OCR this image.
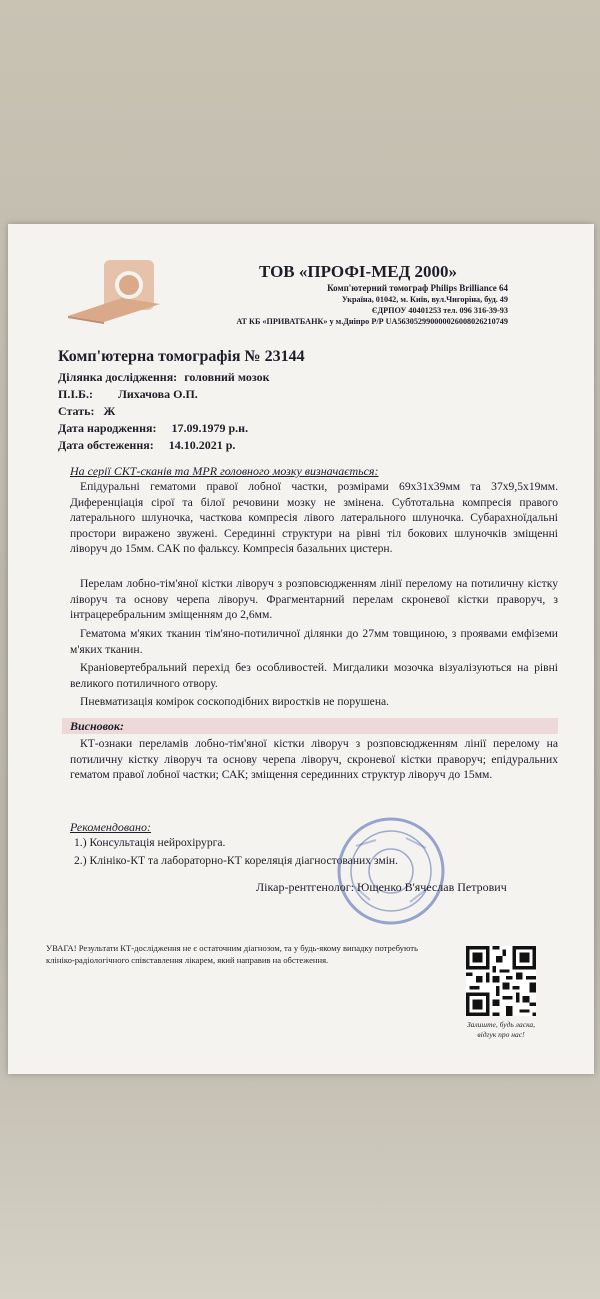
ТОВ «ПРОФІ-МЕД 2000»
Комп'ютерний томограф Philips Brilliance 64
Україна, 01042, м. Київ, вул.Чигоріна, буд. 49
ЄДРПОУ 40401253 тел. 096 316-39-93
АТ КБ «ПРИВАТБАНК» у м.Дніпро Р/Р UA563052990000026008026210749
Комп'ютерна томографія № 23144
Ділянка дослідження: головний мозок
П.І.Б.: Лихачова О.П.
Стать: Ж
Дата народження: 17.09.1979 р.н.
Дата обстеження: 14.10.2021 р.
На серії СКТ-сканів та MPR головного мозку визначається:
Епідуральні гематоми правої лобної частки, розмірами 69x31x39мм та 37x9,5x19мм. Диференціація сірої та білої речовини мозку не змінена. Субтотальна компресія правого латерального шлуночка, часткова компресія лівого латерального шлуночка. Субарахноїдальні простори виражено звужені. Серединні структури на рівні тіл бокових шлуночків зміщенні ліворуч до 15мм. САК по фальксу. Компресія базальних цистерн.
Перелам лобно-тім'яної кістки ліворуч з розповсюдженням лінії перелому на потиличну кістку ліворуч та основу черепа ліворуч. Фрагментарний перелам скроневої кістки праворуч, з інтрацеребральним зміщенням до 2,6мм.
Гематома м'яких тканин тім'яно-потиличної ділянки до 27мм товщиною, з проявами емфіземи м'яких тканин.
Краніовертебральний перехід без особливостей. Мигдалики мозочка візуалізуються на рівні великого потиличного отвору.
Пневматизація комірок соскоподібних виростків не порушена.
Висновок:
КТ-ознаки переламів лобно-тім'яної кістки ліворуч з розповсюдженням лінії перелому на потиличну кістку ліворуч та основу черепа ліворуч, скроневої кістки праворуч; епідуральних гематом правої лобної частки; САК; зміщення серединних структур ліворуч до 15мм.
Рекомендовано:
1.) Консультація нейрохірурга.
2.) Клініко-КТ та лабораторно-КТ кореляція діагностованих змін.
Лікар-рентгенолог: Ющенко В'ячеслав Петрович
УВАГА! Результати КТ-дослідження не є остаточним діагнозом, та у будь-якому випадку потребують клініко-радіологічного співставлення лікарем, який направив на обстеження.
Залиште, будь ласка,
відгук про нас!
